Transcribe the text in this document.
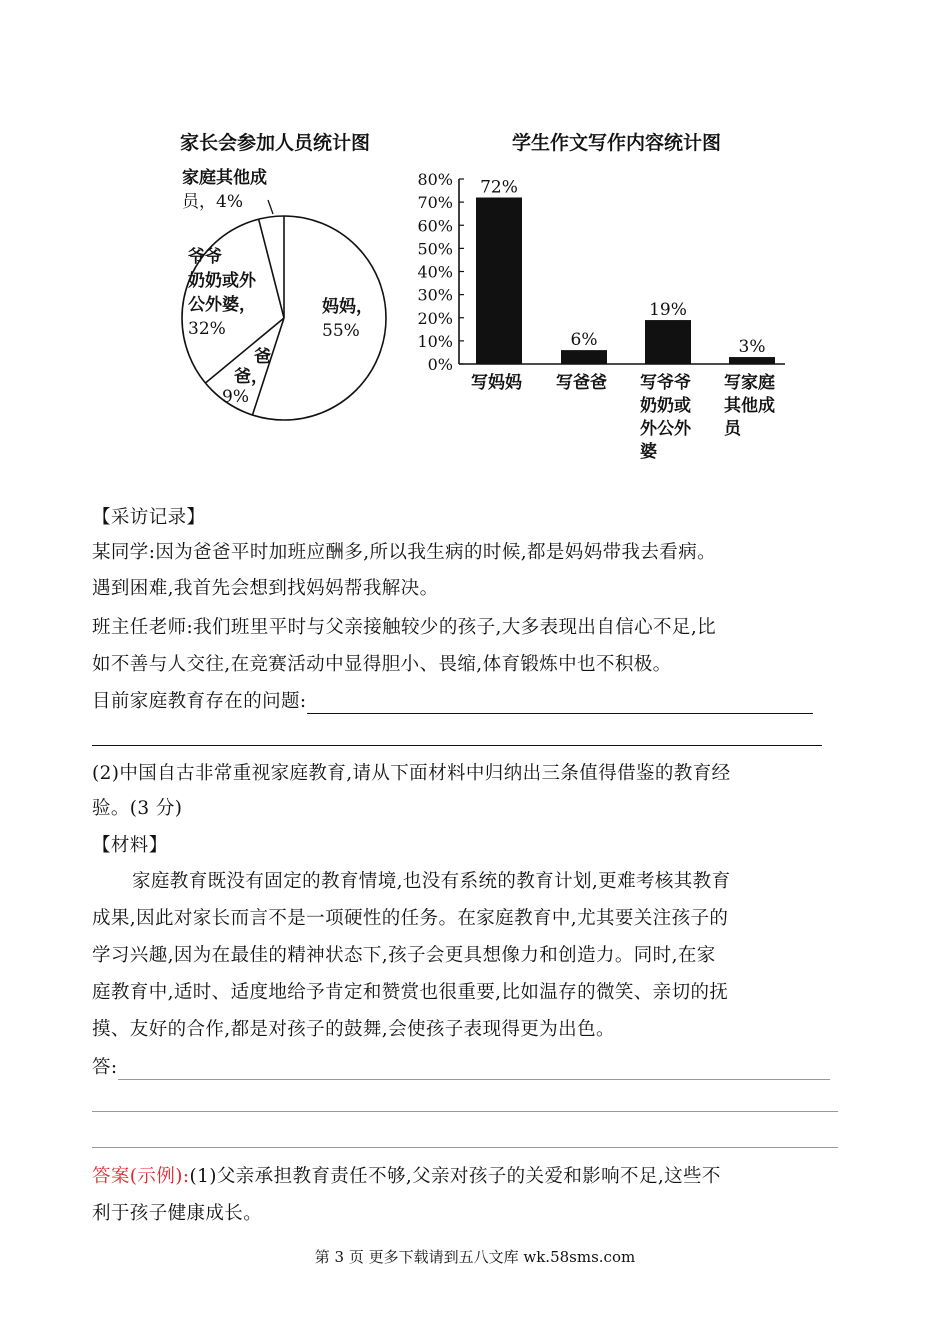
家长会参加人员统计图
妈妈，
55%
爸
爸，
9%
爷爷
奶奶或外
公外婆，
32%
家庭其他成
员，4%
学生作文写作内容统计图
0%
10%
20%
30%
40%
50%
60%
70%
80% 72%
写妈妈
6%
写爸爸
19%
写爷爷
奶奶或
外公外
婆
3%
写家庭
其他成
员
【采访记录】
某同学:因为爸爸平时加班应酬多,所以我生病的时候,都是妈妈带我去看病。
遇到困难,我首先会想到找妈妈帮我解决。
班主任老师:我们班里平时与父亲接触较少的孩子,大多表现出自信心不足,比
如不善与人交往,在竞赛活动中显得胆小、畏缩,体育锻炼中也不积极。
目前家庭教育存在的问题:
(2)中国自古非常重视家庭教育,请从下面材料中归纳出三条值得借鉴的教育经
验。(3 分)
【材料】
家庭教育既没有固定的教育情境,也没有系统的教育计划,更难考核其教育
成果,因此对家长而言不是一项硬性的任务。在家庭教育中,尤其要关注孩子的
学习兴趣,因为在最佳的精神状态下,孩子会更具想像力和创造力。同时,在家
庭教育中,适时、适度地给予肯定和赞赏也很重要,比如温存的微笑、亲切的抚
摸、友好的合作,都是对孩子的鼓舞,会使孩子表现得更为出色。
答:
答案(示例):(1)父亲承担教育责任不够,父亲对孩子的关爱和影响不足,这些不
利于孩子健康成长。
第 3 页 更多下载请到五八文库 wk.58sms.com
